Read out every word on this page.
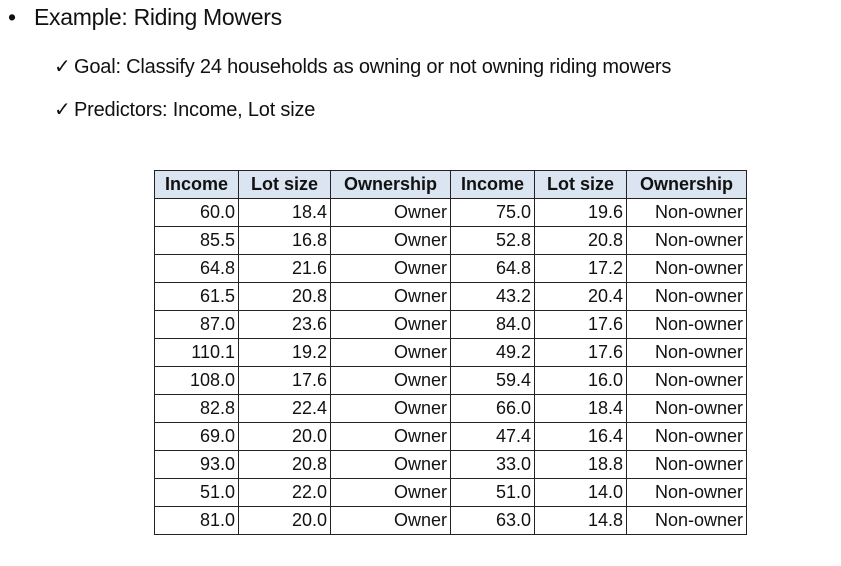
• Example: Riding Mowers
✓ Goal: Classify 24 households as owning or not owning riding mowers
✓ Predictors: Income, Lot size
Income	Lot size	Ownership	Income	Lot size	Ownership
60.0	18.4	Owner	75.0	19.6	Non-owner
85.5	16.8	Owner	52.8	20.8	Non-owner
64.8	21.6	Owner	64.8	17.2	Non-owner
61.5	20.8	Owner	43.2	20.4	Non-owner
87.0	23.6	Owner	84.0	17.6	Non-owner
110.1	19.2	Owner	49.2	17.6	Non-owner
108.0	17.6	Owner	59.4	16.0	Non-owner
82.8	22.4	Owner	66.0	18.4	Non-owner
69.0	20.0	Owner	47.4	16.4	Non-owner
93.0	20.8	Owner	33.0	18.8	Non-owner
51.0	22.0	Owner	51.0	14.0	Non-owner
81.0	20.0	Owner	63.0	14.8	Non-owner
